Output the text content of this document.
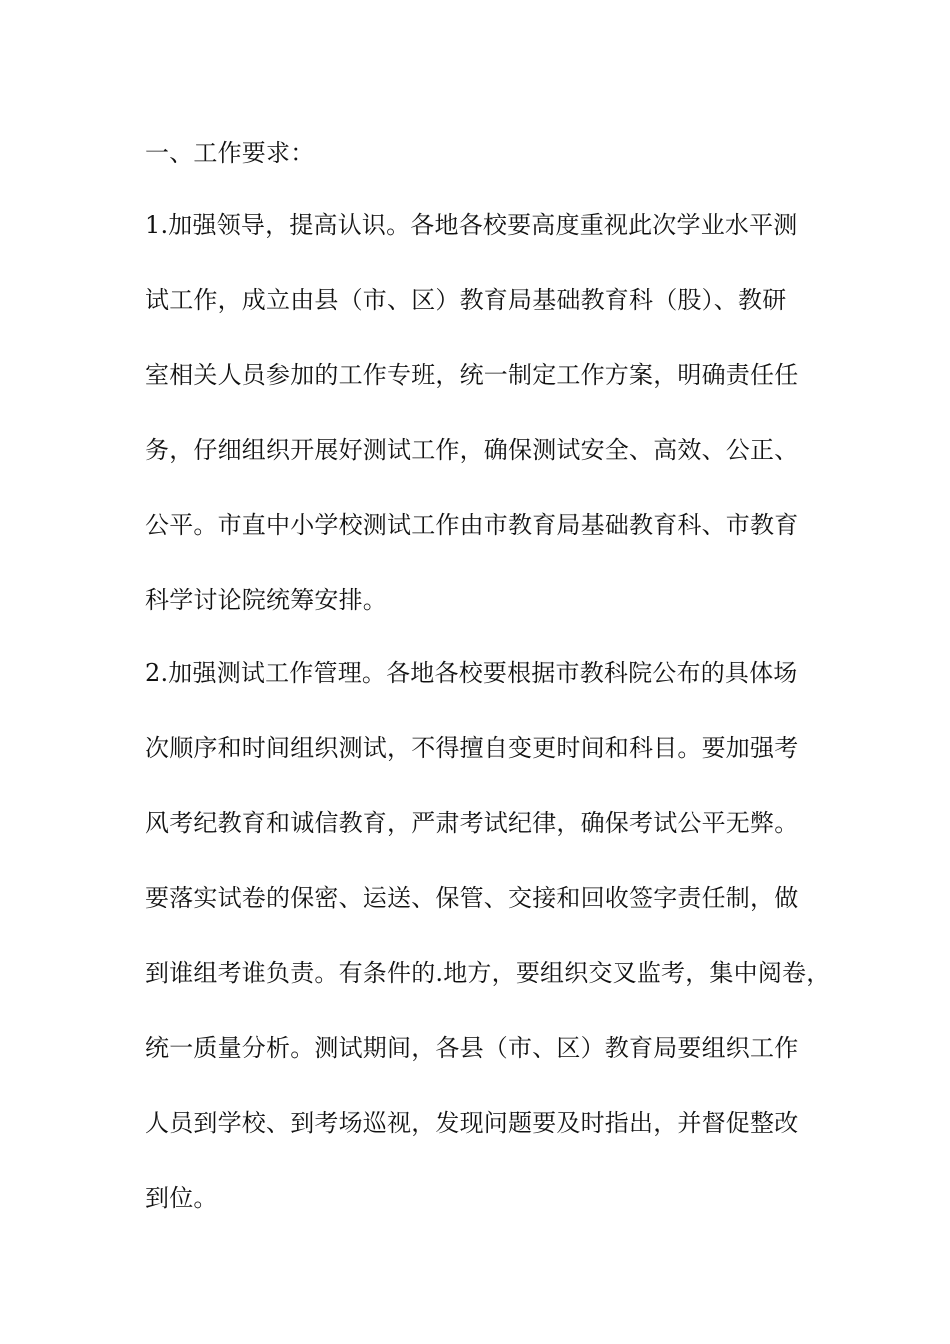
一、工作要求：
1.加强领导，提高认识。各地各校要高度重视此次学业水平测
试工作，成立由县（市、区）教育局基础教育科（股）、教研
室相关人员参加的工作专班，统一制定工作方案，明确责任任
务，仔细组织开展好测试工作，确保测试安全、高效、公正、
公平。市直中小学校测试工作由市教育局基础教育科、市教育
科学讨论院统筹安排。
2.加强测试工作管理。各地各校要根据市教科院公布的具体场
次顺序和时间组织测试，不得擅自变更时间和科目。要加强考
风考纪教育和诚信教育，严肃考试纪律，确保考试公平无弊。
要落实试卷的保密、运送、保管、交接和回收签字责任制，做
到谁组考谁负责。有条件的.地方，要组织交叉监考，集中阅卷，
统一质量分析。测试期间，各县（市、区）教育局要组织工作
人员到学校、到考场巡视，发现问题要及时指出，并督促整改
到位。
